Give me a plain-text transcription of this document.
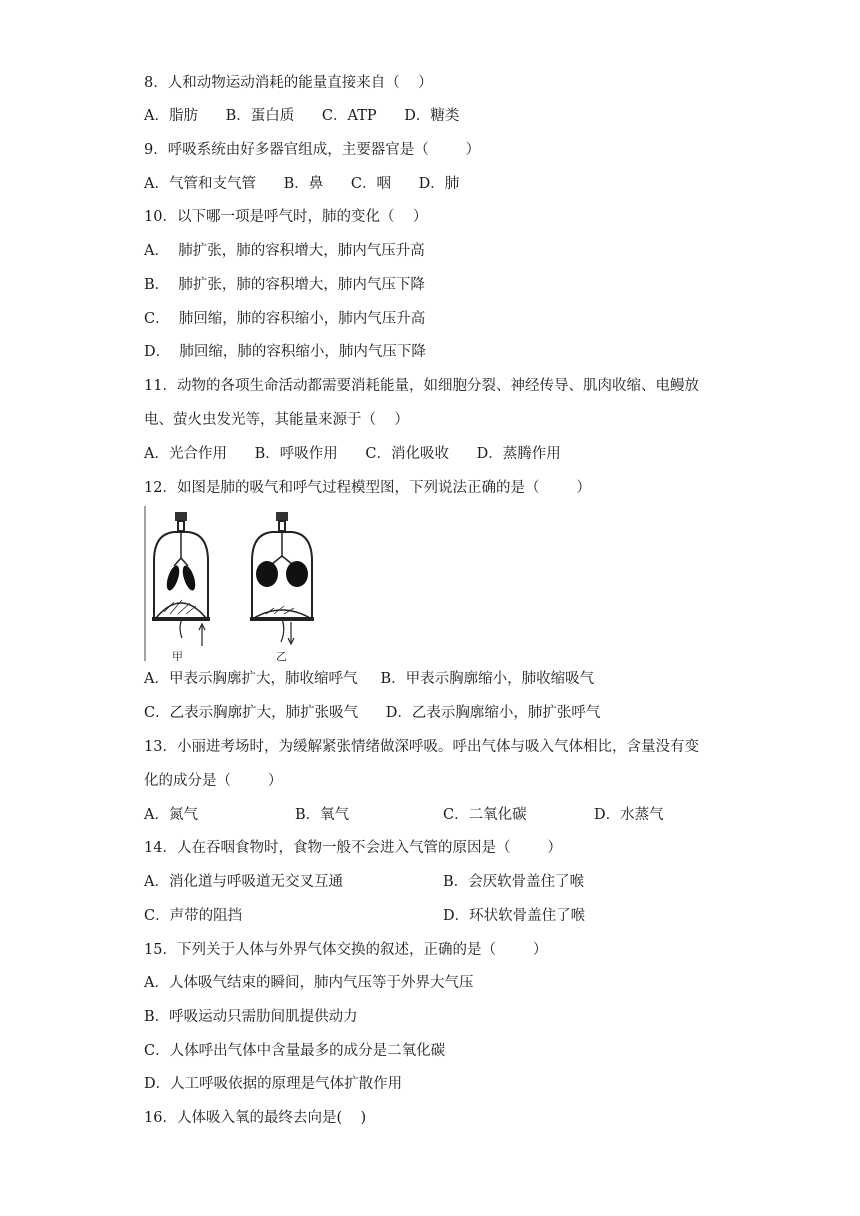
8．人和动物运动消耗的能量直接来自（    ）
A．脂肪      B．蛋白质      C．ATP      D．糖类
9．呼吸系统由好多器官组成，主要器官是（        ）
A．气管和支气管      B．鼻      C．咽      D．肺
10．以下哪一项是呼气时，肺的变化（    ）
A．  肺扩张，肺的容积增大，肺内气压升高
B．  肺扩张，肺的容积增大，肺内气压下降
C．  肺回缩，肺的容积缩小，肺内气压升高
D．  肺回缩，肺的容积缩小，肺内气压下降
11．动物的各项生命活动都需要消耗能量，如细胞分裂、神经传导、肌肉收缩、电鳗放
电、萤火虫发光等，其能量来源于（    ）
A．光合作用      B．呼吸作用      C．消化吸收      D．蒸腾作用
12．如图是肺的吸气和呼气过程模型图，下列说法正确的是（        ）
甲	乙
A．甲表示胸廓扩大，肺收缩呼气     B．甲表示胸廓缩小，肺收缩吸气
C．乙表示胸廓扩大，肺扩张吸气      D．乙表示胸廓缩小，肺扩张呼气
13．小丽进考场时，为缓解紧张情绪做深呼吸。呼出气体与吸入气体相比，含量没有变
化的成分是（        ）
A．氮气	B．氧气	C．二氧化碳	D．水蒸气
14．人在吞咽食物时，食物一般不会进入气管的原因是（        ）
A．消化道与呼吸道无交叉互通	B．会厌软骨盖住了喉
C．声带的阻挡	D．环状软骨盖住了喉
15．下列关于人体与外界气体交换的叙述，正确的是（        ）
A．人体吸气结束的瞬间，肺内气压等于外界大气压
B．呼吸运动只需肋间肌提供动力
C．人体呼出气体中含量最多的成分是二氧化碳
D．人工呼吸依据的原理是气体扩散作用
16．人体吸入氧的最终去向是(    )
